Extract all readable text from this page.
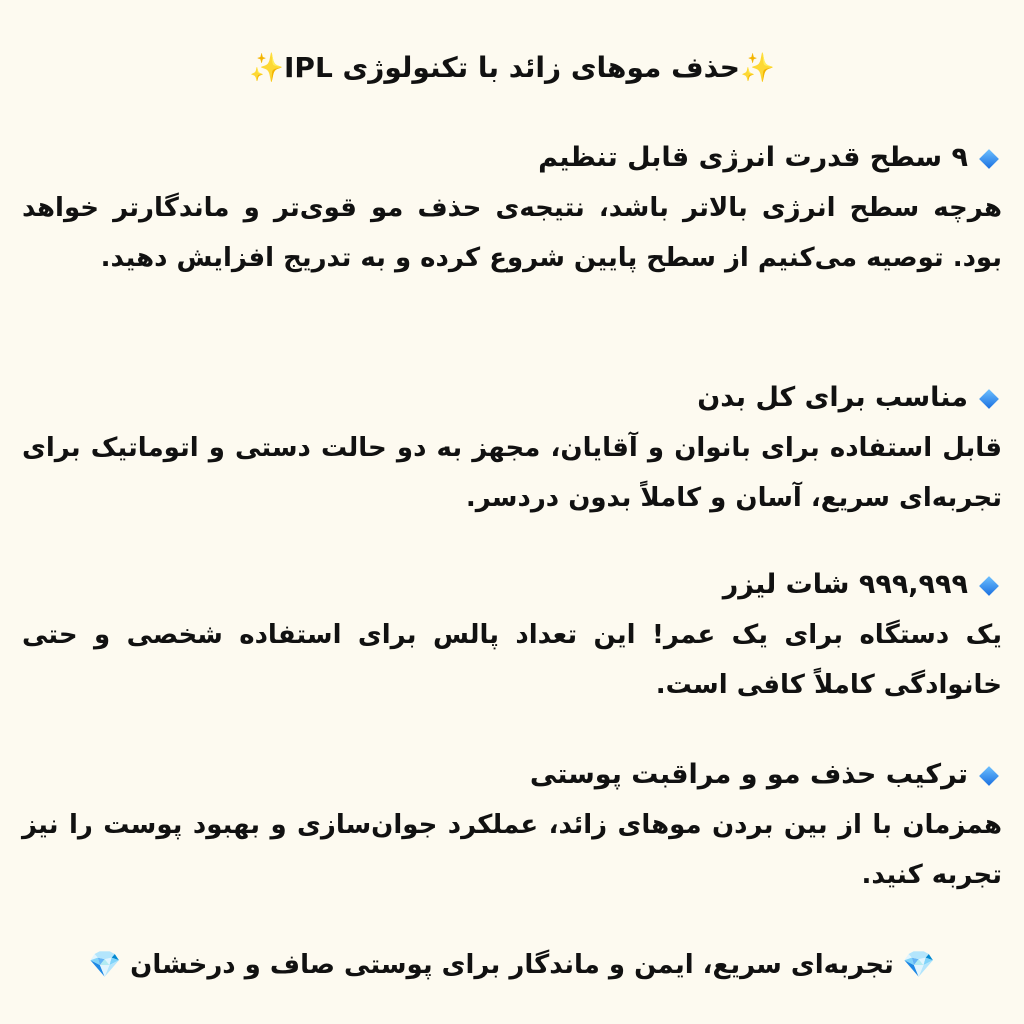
✨حذف موهای زائد با تکنولوژی IPL✨
۹ سطح قدرت انرژی قابل تنظیم
هرچه سطح انرژی بالاتر باشد، نتیجه‌ی حذف مو قوی‌تر و ماندگارتر خواهد بود. توصیه می‌کنیم از سطح پایین شروع کرده و به تدریج افزایش دهید.
مناسب برای کل بدن
قابل استفاده برای بانوان و آقایان، مجهز به دو حالت دستی و اتوماتیک برای تجربه‌ای سریع، آسان و کاملاً بدون دردسر.
۹۹۹,۹۹۹ شات لیزر
یک دستگاه برای یک عمر! این تعداد پالس برای استفاده شخصی و حتی خانوادگی کاملاً کافی است.
ترکیب حذف مو و مراقبت پوستی
همزمان با از بین بردن موهای زائد، عملکرد جوان‌سازی و بهبود پوست را نیز تجربه کنید.
💎 تجربه‌ای سریع، ایمن و ماندگار برای پوستی صاف و درخشان 💎
